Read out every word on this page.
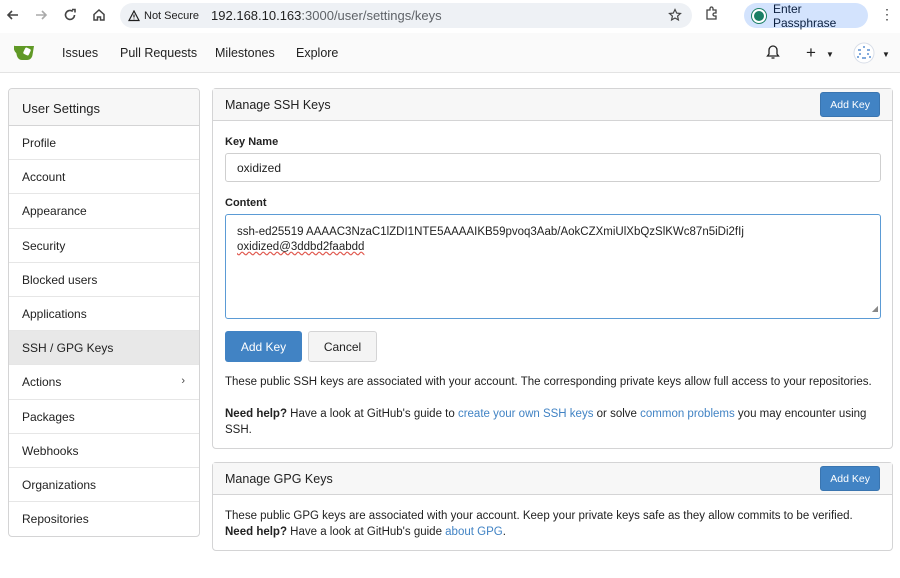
Not Secure 192.168.10.163:3000/user/settings/keys	Enter Passphrase
⋮
Issues Pull Requests Milestones Explore	+ ▼	▼
User Settings
Profile
Account
Appearance
Security
Blocked users
Applications
SSH / GPG Keys
Actions	›
Packages
Webhooks
Organizations
Repositories
Manage SSH Keys	Add Key
Key Name
oxidized
Content
ssh-ed25519 AAAAC3NzaC1lZDI1NTE5AAAAIKB59pvoq3Aab/AokCZXmiUlXbQzSlKWc87n5iDi2fIj
oxidized@3ddbd2faabdd
◢
Add Key	Cancel
These public SSH keys are associated with your account. The corresponding private keys allow full access to your repositories.
Need help? Have a look at GitHub's guide to create your own SSH keys or solve common problems you may encounter using SSH.
Manage GPG Keys	Add Key
These public GPG keys are associated with your account. Keep your private keys safe as they allow commits to be verified.
Need help? Have a look at GitHub's guide about GPG.
